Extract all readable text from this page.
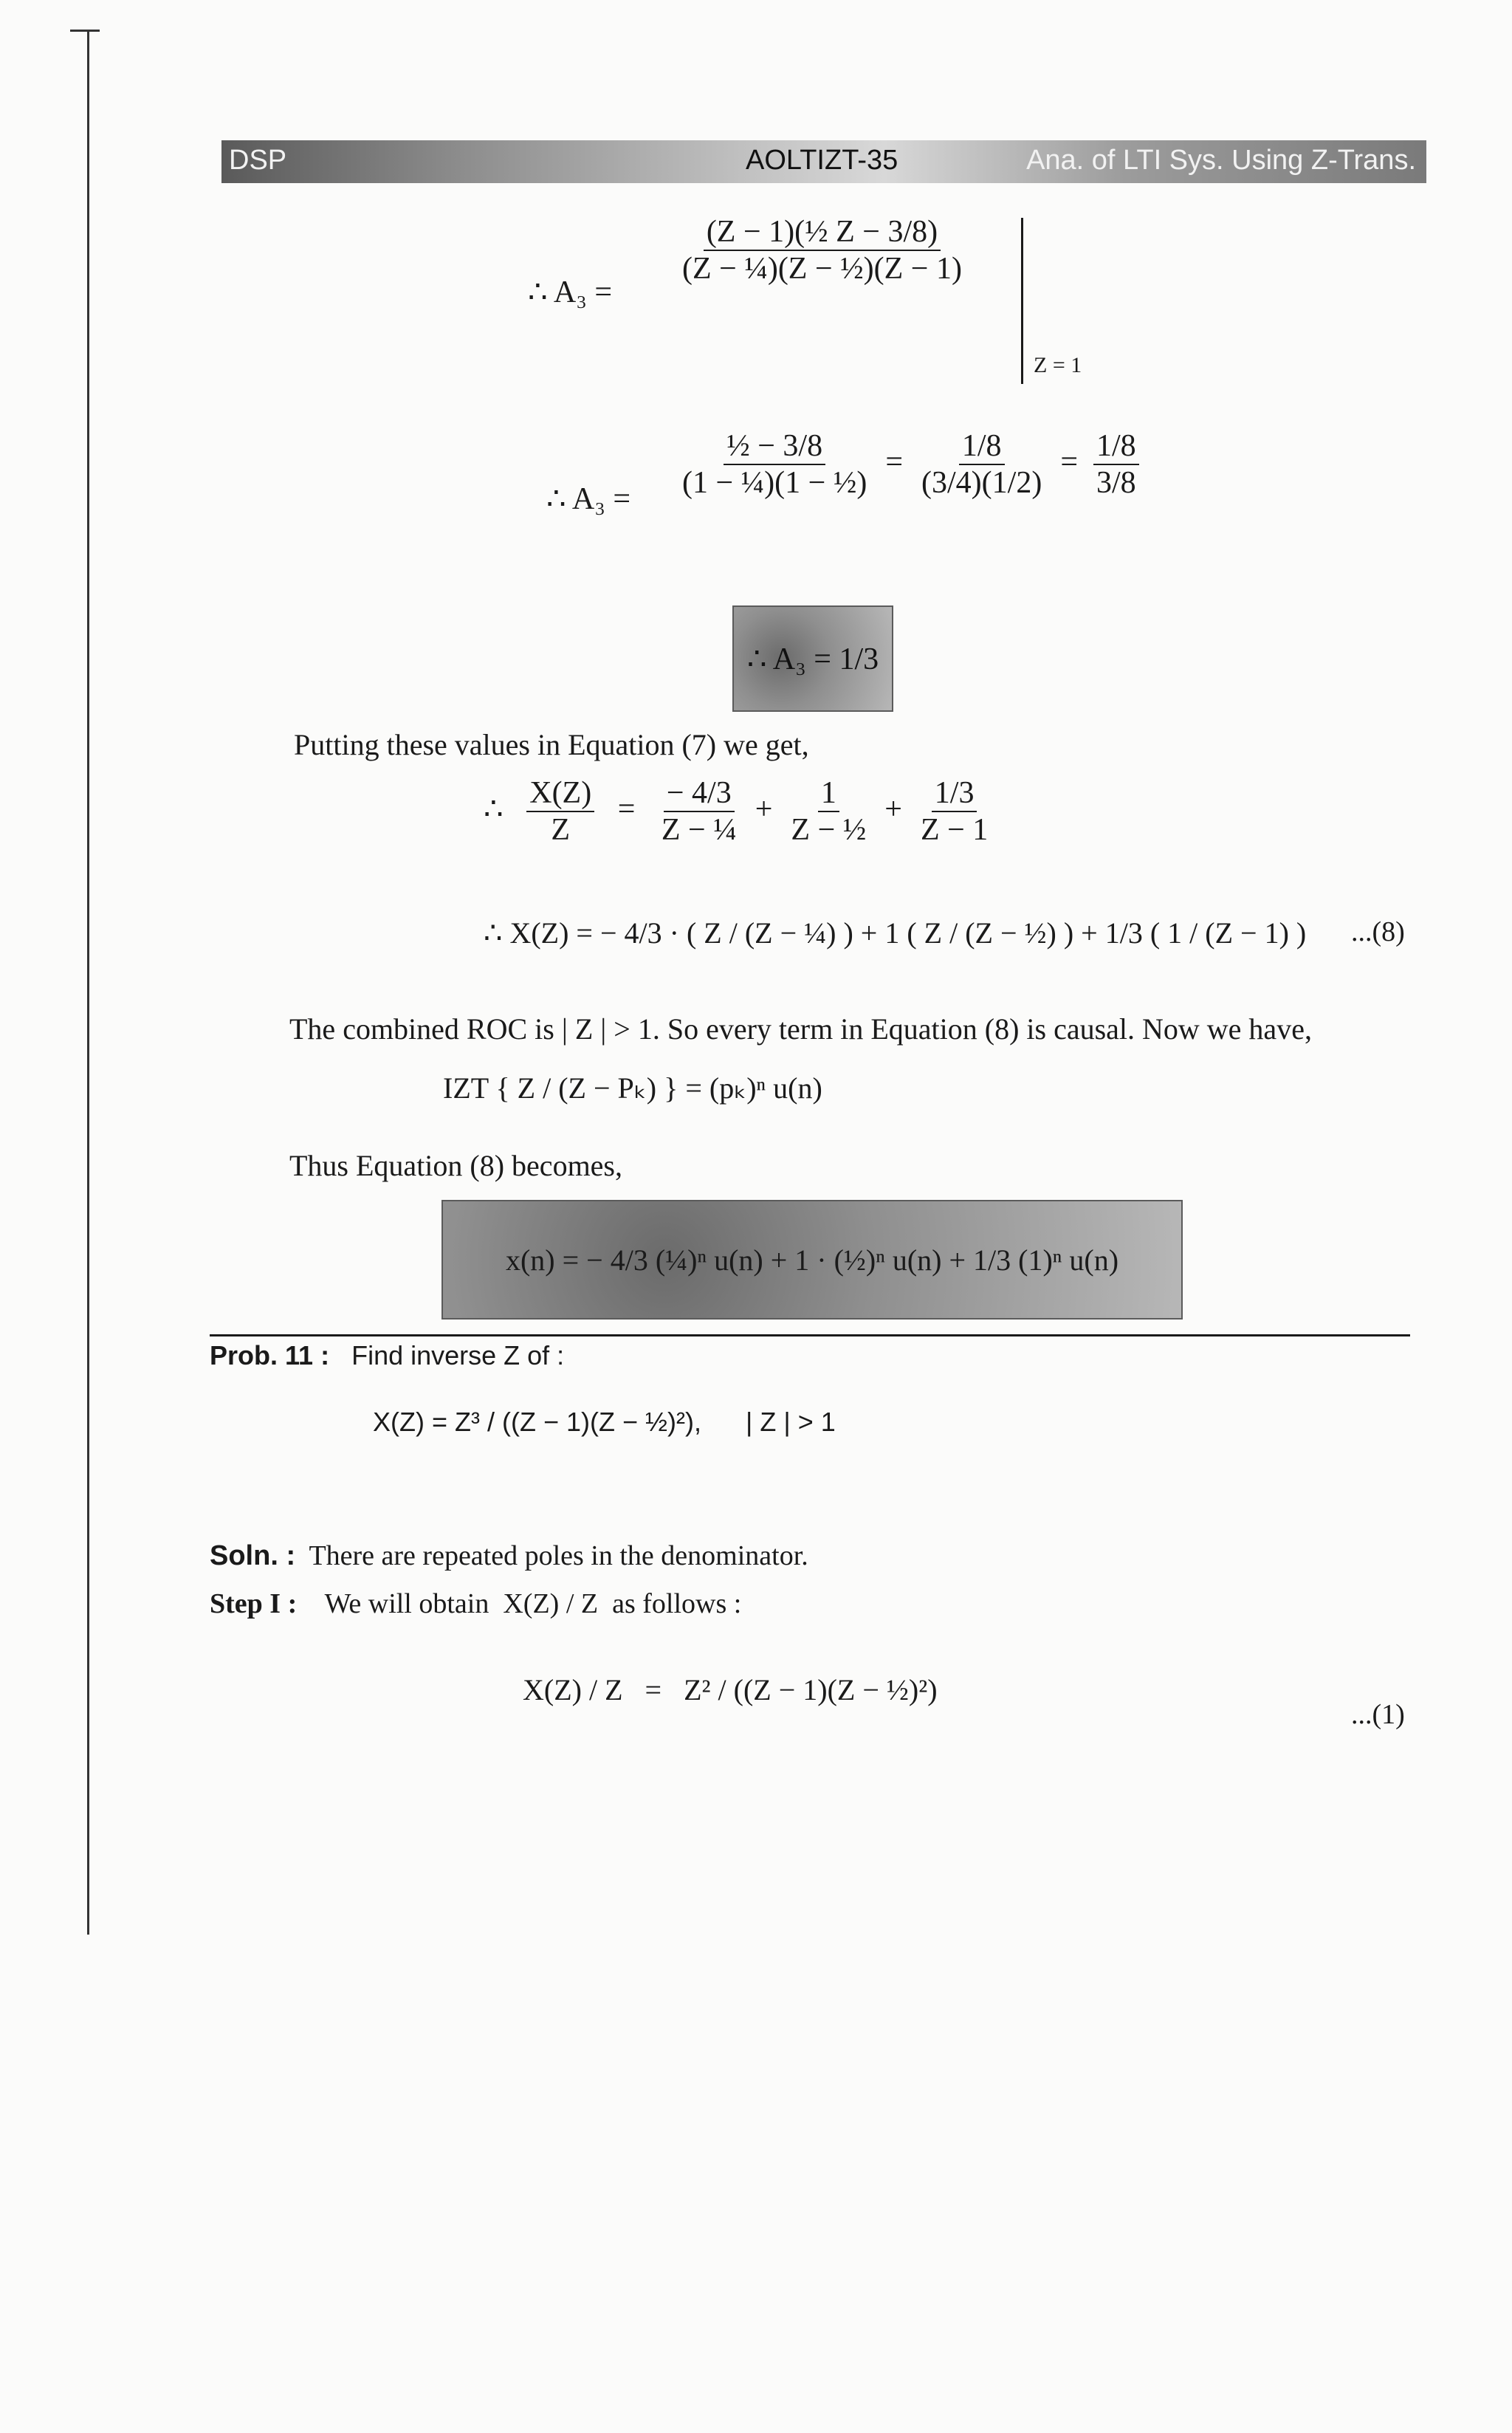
DSP	AOLTIZT-35	Ana. of LTI Sys. Using Z-Trans.
∴ A₃ =
$\frac{\text{(Z − 1)(½ Z − 3/8)}}{\text{(Z − ¼)(Z − ½)(Z − 1)}}$
Z = 1
∴ $A_3 = \frac{\text{½ − 3/8}}{\text{(1 − ¼)(1 − ½)}} = \frac{1/8}{(3/4)(1/2)} = \frac{1/8}{3/8}$
∴ A₃ = 1/3
Putting these values in Equation (7) we get,
∴ $\frac{X(Z)}{Z} = \frac{- 4/3}{\text{Z − ¼}} + \frac{1}{\text{Z − ½}} + \frac{1/3}{Z - 1}$
∴ X(Z) = − 4/3 · ( Z / (Z − ¼) ) + 1 ( Z / (Z − ½) ) + 1/3 ( 1 / (Z − 1) ) ...(8)
The combined ROC is | Z | > 1. So every term in Equation (8) is causal. Now we have,
IZT { Z / (Z − Pₖ) } = (pₖ)ⁿ u(n)
Thus Equation (8) becomes,
x(n) = − 4/3 (¼)ⁿ u(n) + 1 · (½)ⁿ u(n) + 1/3 (1)ⁿ u(n)
Prob. 11 : Find inverse Z of :
X(Z) = Z³ / ((Z − 1)(Z − ½)²), | Z | > 1
Soln. : There are repeated poles in the denominator.
Step I : We will obtain X(Z) / Z as follows :
X(Z) / Z   =   Z² / ((Z − 1)(Z − ½)²)
...(1)
